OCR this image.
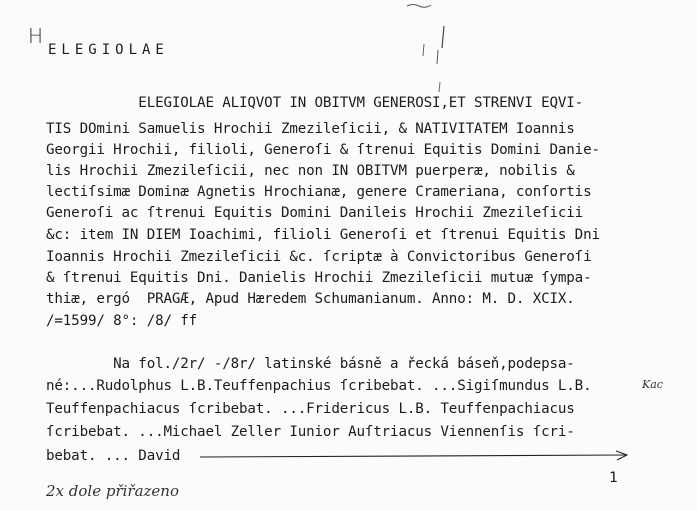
H
ELEGIOLAE
ELEGIOLAE ALIQVOT IN OBITVM GENEROSI,ET STRENVI EQVI-
TIS DOmini Samuelis Hrochii Zmezileſicii, & NATIVITATEM Ioannis
Georgii Hrochii, filioli, Generoſi & ſtrenui Equitis Domini Danie-
lis Hrochii Zmezileſicii, nec non IN OBITVM puerperæ, nobilis &
lectiſsimæ Dominæ Agnetis Hrochianæ, genere Crameriana, conſortis
Generoſi ac ſtrenui Equitis Domini Danileis Hrochii Zmezileſicii
&c: item IN DIEM Ioachimi, filioli Generoſi et ſtrenui Equitis Dni
Ioannis Hrochii Zmezileſicii &c. ſcriptæ à Convictoribus Generoſi
& ſtrenui Equitis Dni. Danielis Hrochii Zmezileſicii mutuæ ſympa-
thiæ, ergó  PRAGÆ, Apud Hæredem Schumanianum. Anno: M. D. XCIX.
/=1599/ 8°: /8/ ff
Na fol./2r/ -/8r/ latinské básně a řecká báseň,podepsa-
né:...Rudolphus L.B.Teuffenpachius ſcribebat. ...Sigiſmundus L.B.
Teuffenpachiacus ſcribebat. ...Fridericus L.B. Teuffenpachiacus
ſcribebat. ...Michael Zeller Iunior Auſtriacus Viennenſis ſcri-
bebat. ... David
Kac
1
2x dole přiřazeno
